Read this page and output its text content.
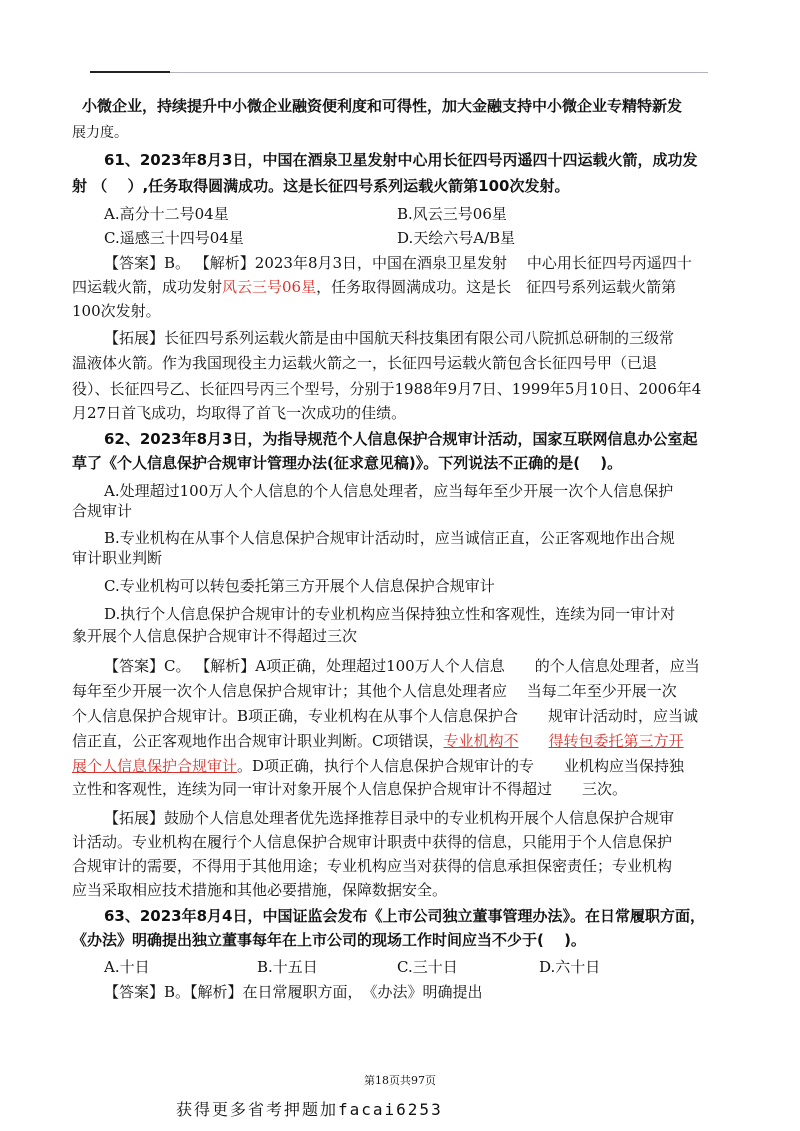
小微企业，持续提升中小微企业融资便利度和可得性，加大金融支持中小微企业专精特新发
展力度。
61、2023年8月3日，中国在酒泉卫星发射中心用长征四号丙遥四十四运载火箭，成功发
射 （　 ）,任务取得圆满成功。这是长征四号系列运载火箭第100次发射。
A.高分十二号04星	B.风云三号06星
C.遥感三十四号04星	D.天绘六号A/B星
【答案】B。 【解析】2023年8月3日，中国在酒泉卫星发射　 中心用长征四号丙遥四十
四运载火箭，成功发射风云三号06星，任务取得圆满成功。这是长　征四号系列运载火箭第
100次发射。
【拓展】长征四号系列运载火箭是由中国航天科技集团有限公司八院抓总研制的三级常
温液体火箭。作为我国现役主力运载火箭之一，长征四号运载火箭包含长征四号甲（已退
役）、长征四号乙、长征四号丙三个型号，分别于1988年9月7日、1999年5月10日、2006年4
月27日首飞成功，均取得了首飞一次成功的佳绩。
62、2023年8月3日，为指导规范个人信息保护合规审计活动，国家互联网信息办公室起
草了《个人信息保护合规审计管理办法(征求意见稿)》。下列说法不正确的是(　 )。
A.处理超过100万人个人信息的个人信息处理者，应当每年至少开展一次个人信息保护
合规审计
B.专业机构在从事个人信息保护合规审计活动时，应当诚信正直，公正客观地作出合规
审计职业判断
C.专业机构可以转包委托第三方开展个人信息保护合规审计
D.执行个人信息保护合规审计的专业机构应当保持独立性和客观性，连续为同一审计对
象开展个人信息保护合规审计不得超过三次
【答案】C。 【解析】A项正确，处理超过100万人个人信息　　的个人信息处理者，应当
每年至少开展一次个人信息保护合规审计；其他个人信息处理者应　 当每二年至少开展一次
个人信息保护合规审计。B项正确，专业机构在从事个人信息保护合　　规审计活动时，应当诚
信正直，公正客观地作出合规审计职业判断。C项错误，专业机构不　　 得转包委托第三方开
展个人信息保护合规审计。D项正确，执行个人信息保护合规审计的专　　业机构应当保持独
立性和客观性，连续为同一审计对象开展个人信息保护合规审计不得超过　　三次。
【拓展】鼓励个人信息处理者优先选择推荐目录中的专业机构开展个人信息保护合规审
计活动。专业机构在履行个人信息保护合规审计职责中获得的信息，只能用于个人信息保护
合规审计的需要，不得用于其他用途；专业机构应当对获得的信息承担保密责任；专业机构
应当采取相应技术措施和其他必要措施，保障数据安全。
63、2023年8月4日，中国证监会发布《上市公司独立董事管理办法》。在日常履职方面，
《办法》明确提出独立董事每年在上市公司的现场工作时间应当不少于(　 )。
A.十日	B.十五日	C.三十日	D.六十日
【答案】B。【解析】在日常履职方面，　《办法》明确提出
第18页共97页
获得更多省考押题加facai6253
